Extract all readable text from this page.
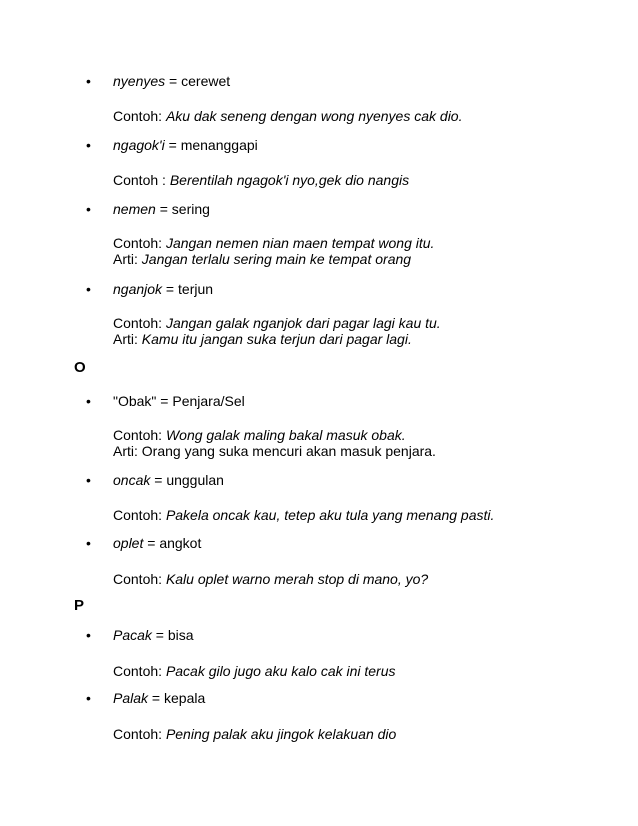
•	nyenyes = cerewet
Contoh: Aku dak seneng dengan wong nyenyes cak dio.
•	ngagok'i = menanggapi
Contoh : Berentilah ngagok'i nyo,gek dio nangis
•	nemen = sering
Contoh: Jangan nemen nian maen tempat wong itu.
Arti: Jangan terlalu sering main ke tempat orang
•	nganjok = terjun
Contoh: Jangan galak nganjok dari pagar lagi kau tu.
Arti: Kamu itu jangan suka terjun dari pagar lagi.
O
•	"Obak" = Penjara/Sel
Contoh: Wong galak maling bakal masuk obak.
Arti: Orang yang suka mencuri akan masuk penjara.
•	oncak = unggulan
Contoh: Pakela oncak kau, tetep aku tula yang menang pasti.
•	oplet = angkot
Contoh: Kalu oplet warno merah stop di mano, yo?
P
•	Pacak = bisa
Contoh: Pacak gilo jugo aku kalo cak ini terus
•	Palak = kepala
Contoh: Pening palak aku jingok kelakuan dio
